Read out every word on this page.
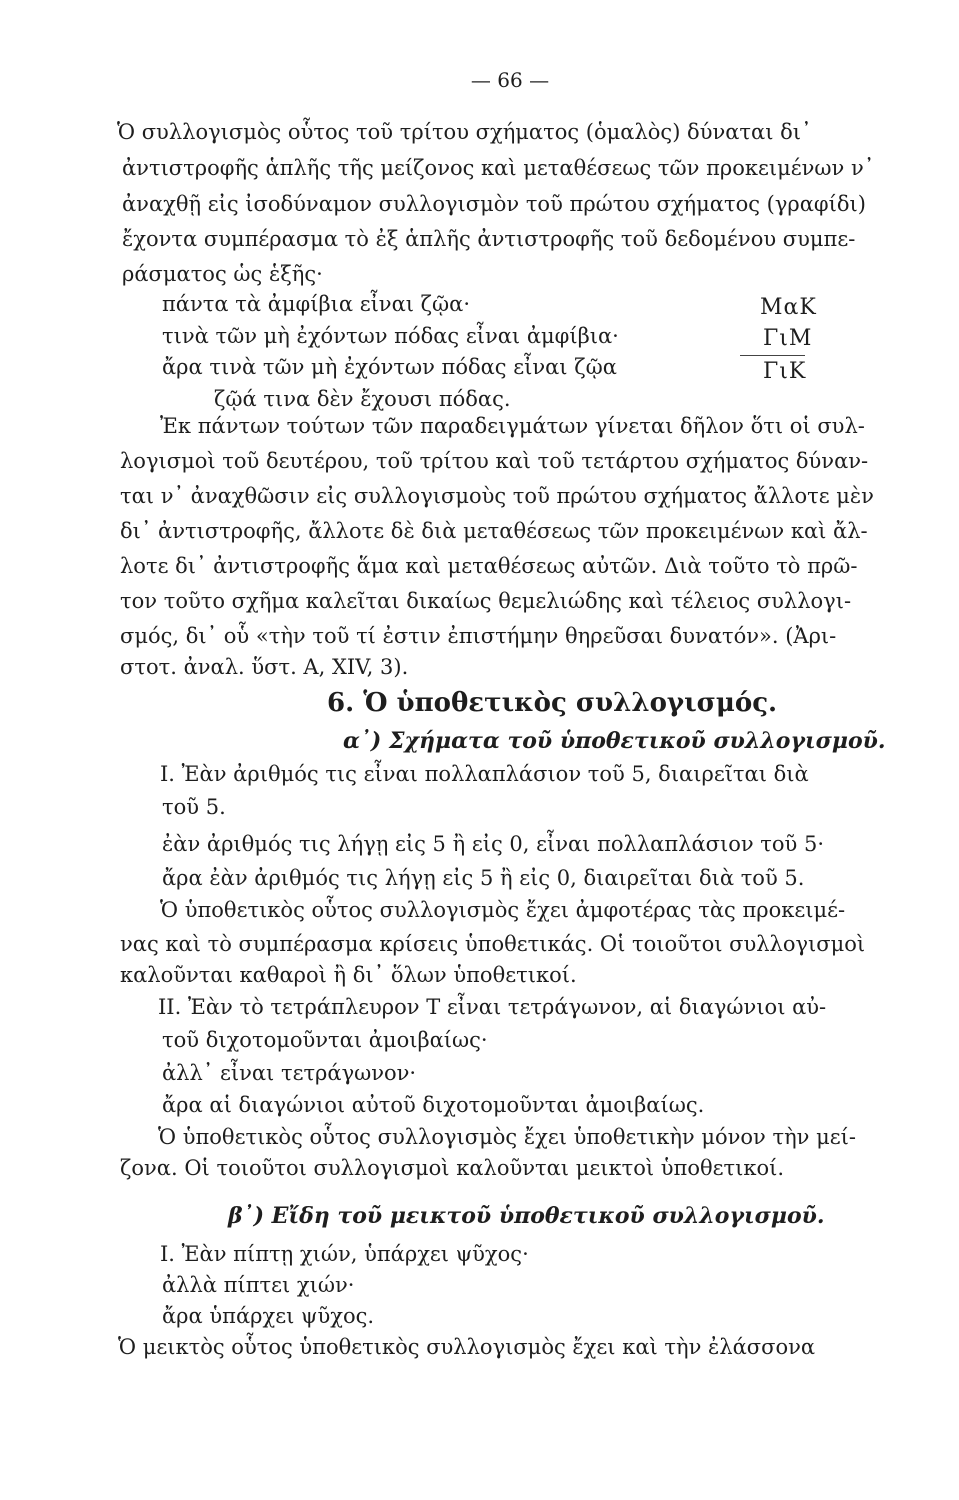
— 66 —
Ὁ συλλογισμὸς οὗτος τοῦ τρίτου σχήματος (ὁμαλὸς) δύναται δι᾽
ἀντιστροφῆς ἁπλῆς τῆς μείζονος καὶ μεταθέσεως τῶν προκειμένων ν᾽
ἀναχθῇ εἰς ἰσοδύναμον συλλογισμὸν τοῦ πρώτου σχήματος (γραφίδι)
ἔχοντα συμπέρασμα τὸ ἐξ ἁπλῆς ἀντιστροφῆς τοῦ δεδομένου συμπε-
ράσματος ὡς ἑξῆς·
πάντα τὰ ἀμφίβια εἶναι ζῷα·
τινὰ τῶν μὴ ἐχόντων πόδας εἶναι ἀμφίβια·
ἄρα τινὰ τῶν μὴ ἐχόντων πόδας εἶναι ζῷα
ζῷά τινα δὲν ἔχουσι πόδας.
ΜαΚ
ΓιΜ
ΓιΚ
Ἐκ πάντων τούτων τῶν παραδειγμάτων γίνεται δῆλον ὅτι οἱ συλ-
λογισμοὶ τοῦ δευτέρου, τοῦ τρίτου καὶ τοῦ τετάρτου σχήματος δύναν-
ται ν᾽ ἀναχθῶσιν εἰς συλλογισμοὺς τοῦ πρώτου σχήματος ἄλλοτε μὲν
δι᾽ ἀντιστροφῆς, ἄλλοτε δὲ διὰ μεταθέσεως τῶν προκειμένων καὶ ἄλ-
λοτε δι᾽ ἀντιστροφῆς ἅμα καὶ μεταθέσεως αὐτῶν. Διὰ τοῦτο τὸ πρῶ-
τον τοῦτο σχῆμα καλεῖται δικαίως θεμελιώδης καὶ τέλειος συλλογι-
σμός, δι᾽ οὗ «τὴν τοῦ τί ἐστιν ἐπιστήμην θηρεῦσαι δυνατόν». (Ἀρι-
στοτ. ἀναλ. ὕστ. Α, XIV, 3).
6. Ὁ ὑποθετικὸς συλλογισμός.
α᾽) Σχήματα τοῦ ὑποθετικοῦ συλλογισμοῦ.
I. Ἐὰν ἀριθμός τις εἶναι πολλαπλάσιον τοῦ 5, διαιρεῖται διὰ
τοῦ 5.
ἐὰν ἀριθμός τις λήγῃ εἰς 5 ἢ εἰς 0, εἶναι πολλαπλάσιον τοῦ 5·
ἄρα ἐὰν ἀριθμός τις λήγῃ εἰς 5 ἢ εἰς 0, διαιρεῖται διὰ τοῦ 5.
Ὁ ὑποθετικὸς οὗτος συλλογισμὸς ἔχει ἀμφοτέρας τὰς προκειμέ-
νας καὶ τὸ συμπέρασμα κρίσεις ὑποθετικάς. Οἱ τοιοῦτοι συλλογισμοὶ
καλοῦνται καθαροὶ ἢ δι᾽ ὅλων ὑποθετικοί.
II. Ἐὰν τὸ τετράπλευρον Τ εἶναι τετράγωνον, αἱ διαγώνιοι αὐ-
τοῦ διχοτομοῦνται ἀμοιβαίως·
ἀλλ᾽ εἶναι τετράγωνον·
ἄρα αἱ διαγώνιοι αὐτοῦ διχοτομοῦνται ἀμοιβαίως.
Ὁ ὑποθετικὸς οὗτος συλλογισμὸς ἔχει ὑποθετικὴν μόνον τὴν μεί-
ζονα. Οἱ τοιοῦτοι συλλογισμοὶ καλοῦνται μεικτοὶ ὑποθετικοί.
β᾽) Εἴδη τοῦ μεικτοῦ ὑποθετικοῦ συλλογισμοῦ.
I. Ἐὰν πίπτῃ χιών, ὑπάρχει ψῦχος·
ἀλλὰ πίπτει χιών·
ἄρα ὑπάρχει ψῦχος.
Ὁ μεικτὸς οὗτος ὑποθετικὸς συλλογισμὸς ἔχει καὶ τὴν ἐλάσσονα
